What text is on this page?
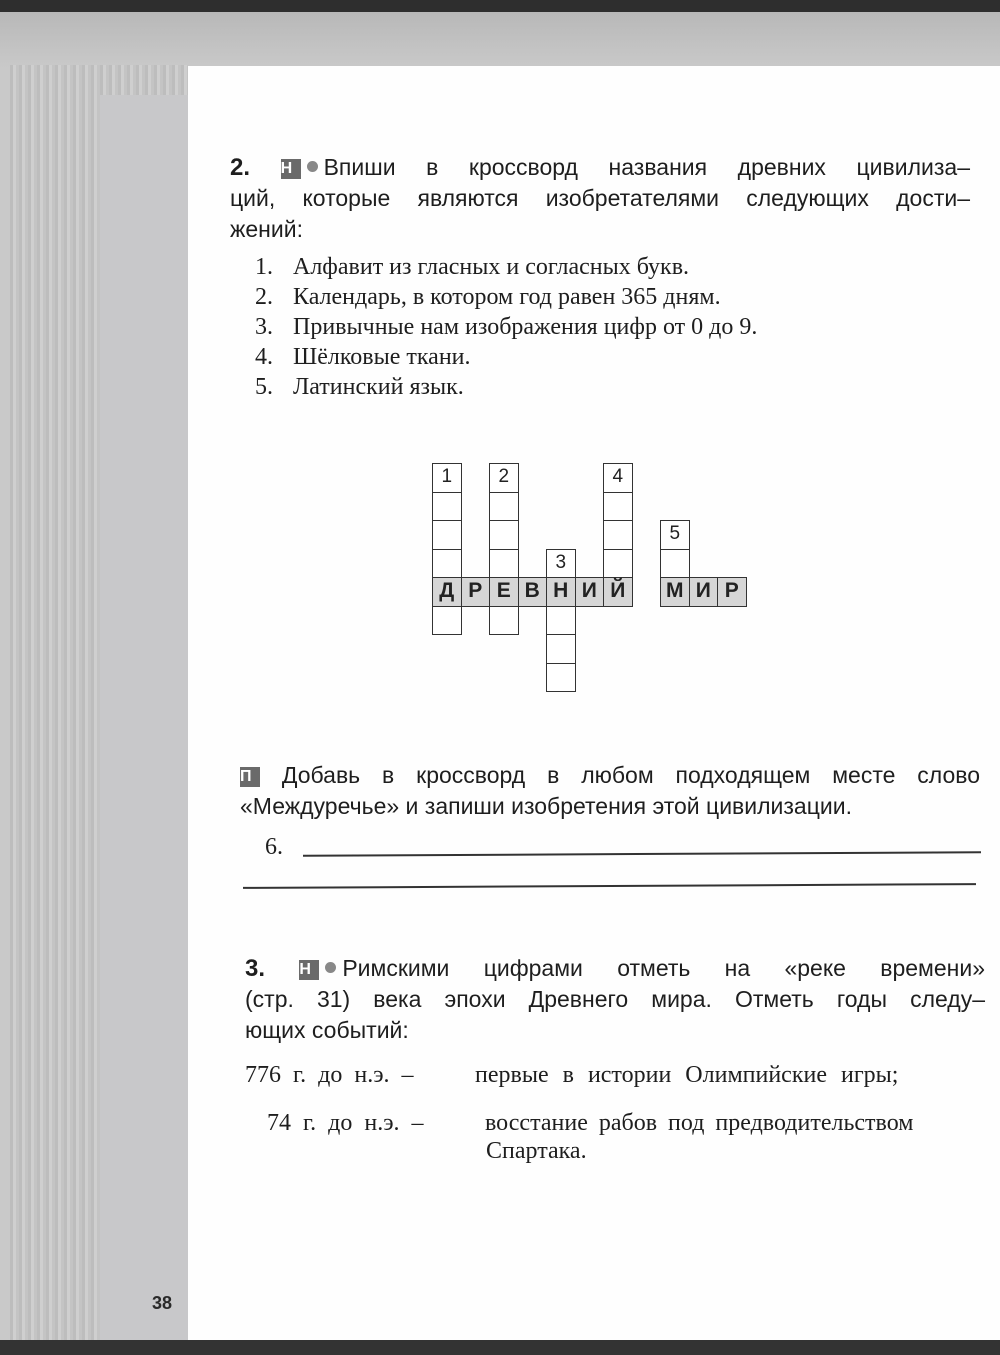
2. Н Впиши в кроссворд названия древних цивилиза–
ций, которые являются изобретателями следующих дости–
жений:
1. Алфавит из гласных и согласных букв.
2. Календарь, в котором год равен 365 дням.
3. Привычные нам изображения цифр от 0 до 9.
4. Шёлковые ткани.
5. Латинский язык.
1	2
3
4
5
Д Р Е В Н И Й	М И Р
П Добавь в кроссворд в любом подходящем месте слово
«Междуречье» и запиши изобретения этой цивилизации.
6.
3. Н Римскими цифрами отметь на «реке времени»
(стр. 31) века эпохи Древнего мира. Отметь годы следу–
ющих событий:
776 г. до н.э. –	первые в истории Олимпийские игры;
74 г. до н.э. –	восстание рабов под предводительством
Спартака.
38
